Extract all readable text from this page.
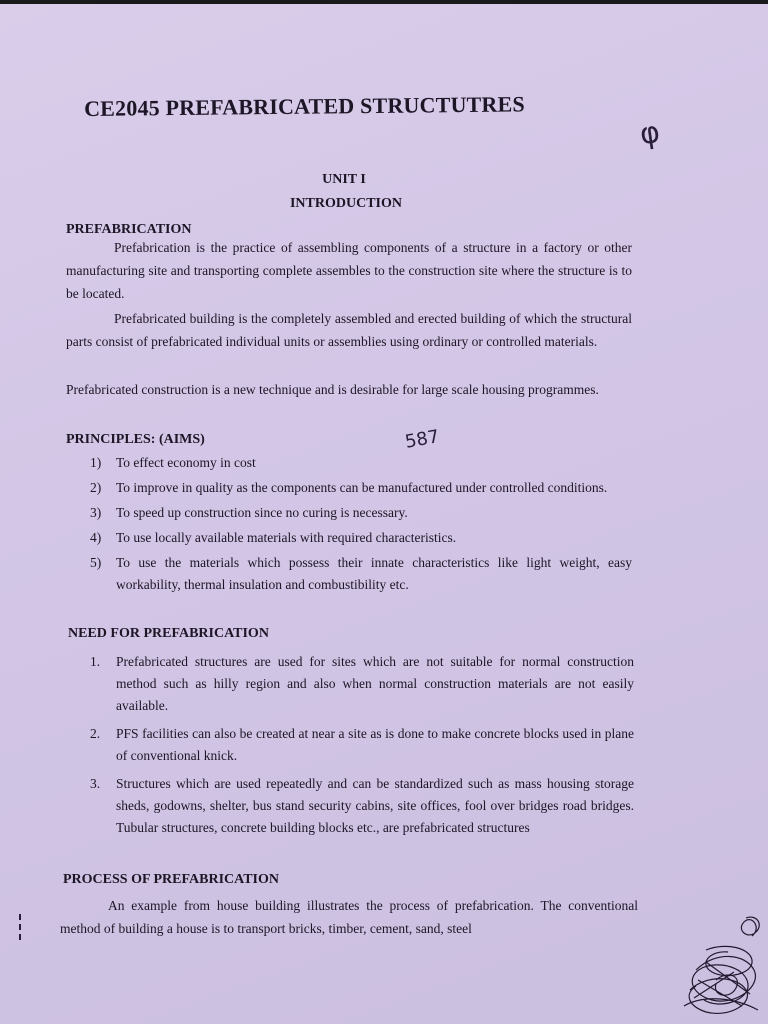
CE2045 PREFABRICATED STRUCTUTRES
φ
UNIT I
INTRODUCTION
PREFABRICATION

Prefabrication is the practice of assembling components of a structure in a factory or other manufacturing site and transporting complete assembles to the construction site where the structure is to be located.

Prefabricated building is the completely assembled and erected building of which the structural parts consist of prefabricated individual units or assemblies using ordinary or controlled materials.

Prefabricated construction is a new technique and is desirable for large scale housing programmes.

PRINCIPLES: (AIMS)	587
1) To effect economy in cost
2) To improve in quality as the components can be manufactured under controlled conditions.
3) To speed up construction since no curing is necessary.
4) To use locally available materials with required characteristics.
5) To use the materials which possess their innate characteristics like light weight, easy workability, thermal insulation and combustibility etc.
NEED FOR PREFABRICATION
1. Prefabricated structures are used for sites which are not suitable for normal construction method such as hilly region and also when normal construction materials are not easily available.
2. PFS facilities can also be created at near a site as is done to make concrete blocks used in plane of conventional knick.
3. Structures which are used repeatedly and can be standardized such as mass housing storage sheds, godowns, shelter, bus stand security cabins, site offices, fool over bridges road bridges. Tubular structures, concrete building blocks etc., are prefabricated structures
PROCESS OF PREFABRICATION

An example from house building illustrates the process of prefabrication. The conventional method of building a house is to transport bricks, timber, cement, sand, steel
